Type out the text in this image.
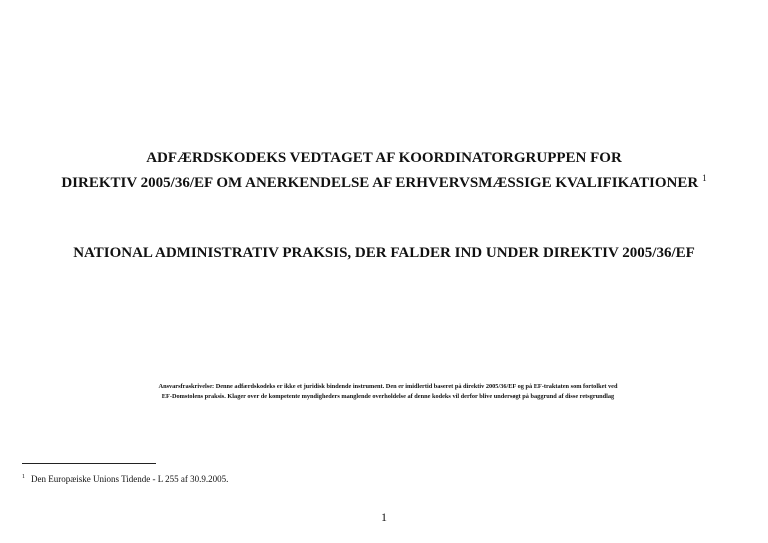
ADFÆRDSKODEKS VEDTAGET AF KOORDINATORGRUPPEN FOR
DIREKTIV 2005/36/EF OM ANERKENDELSE AF ERHVERVSMÆSSIGE KVALIFIKATIONER $^1$
NATIONAL ADMINISTRATIV PRAKSIS, DER FALDER IND UNDER DIREKTIV 2005/36/EF
Ansvarsfraskrivelse: Denne adfærdskodeks er ikke et juridisk bindende instrument. Den er imidlertid baseret på direktiv 2005/36/EF og på EF-traktaten som fortolket ved
EF-Domstolens praksis. Klager over de kompetente myndigheders manglende overholdelse af denne kodeks vil derfor blive undersøgt på baggrund af disse retsgrundlag
$^1$ Den Europæiske Unions Tidende - L 255 af 30.9.2005.
1
